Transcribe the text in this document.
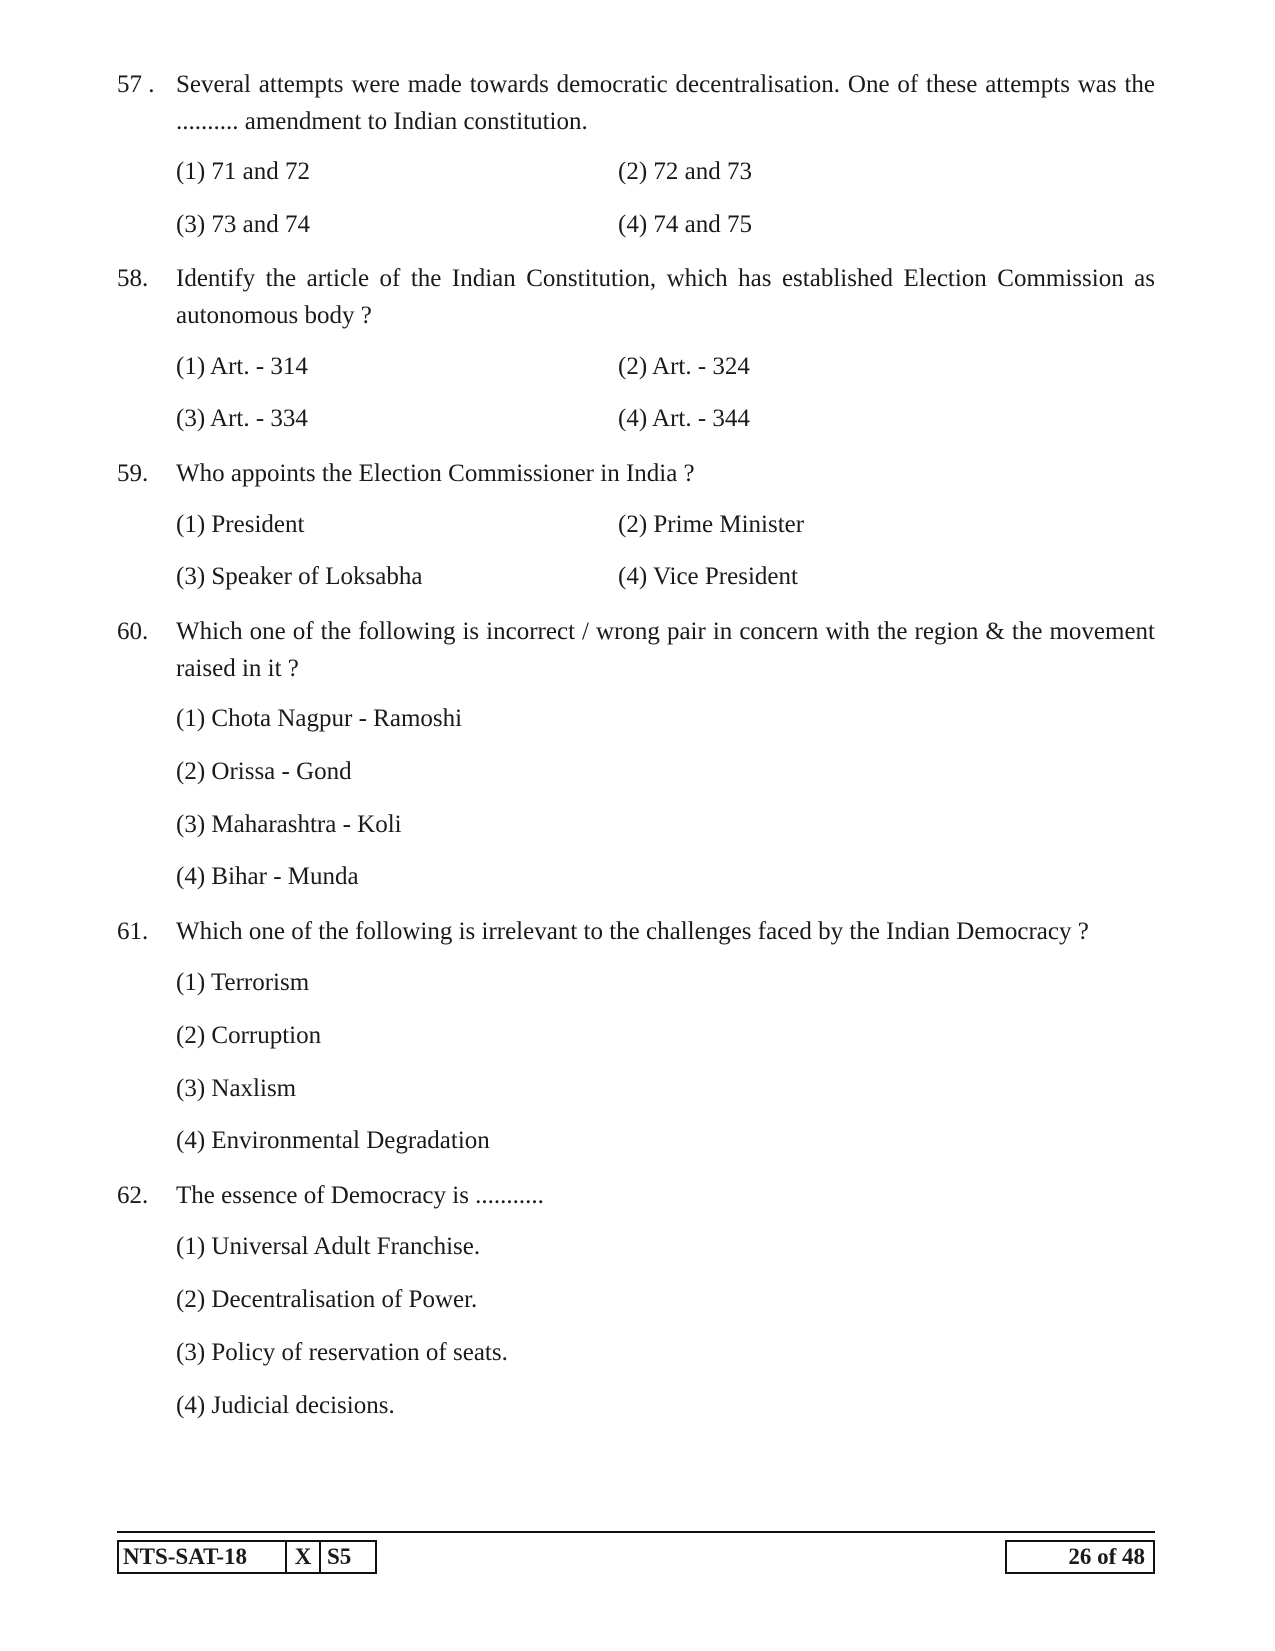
57 . Several attempts were made towards democratic decentralisation. One of these attempts was the .......... amendment to Indian constitution.
(1) 71 and 72	(2) 72 and 73
(3) 73 and 74	(4) 74 and 75
58. Identify the article of the Indian Constitution, which has established Election Commission as autonomous body ?
(1) Art. - 314	(2) Art. - 324
(3) Art. - 334	(4) Art. - 344
59. Who appoints the Election Commissioner in India ?
(1) President	(2) Prime Minister
(3) Speaker of Loksabha	(4) Vice President
60. Which one of the following is incorrect / wrong pair in concern with the region & the movement raised in it ?
(1) Chota Nagpur - Ramoshi
(2) Orissa - Gond
(3) Maharashtra - Koli
(4) Bihar - Munda
61. Which one of the following is irrelevant to the challenges faced by the Indian Democracy ?
(1) Terrorism
(2) Corruption
(3) Naxlism
(4) Environmental Degradation
62. The essence of Democracy is ...........
(1) Universal Adult Franchise.
(2) Decentralisation of Power.
(3) Policy of reservation of seats.
(4) Judicial decisions.
NTS-SAT-18	X S5	26 of 48
